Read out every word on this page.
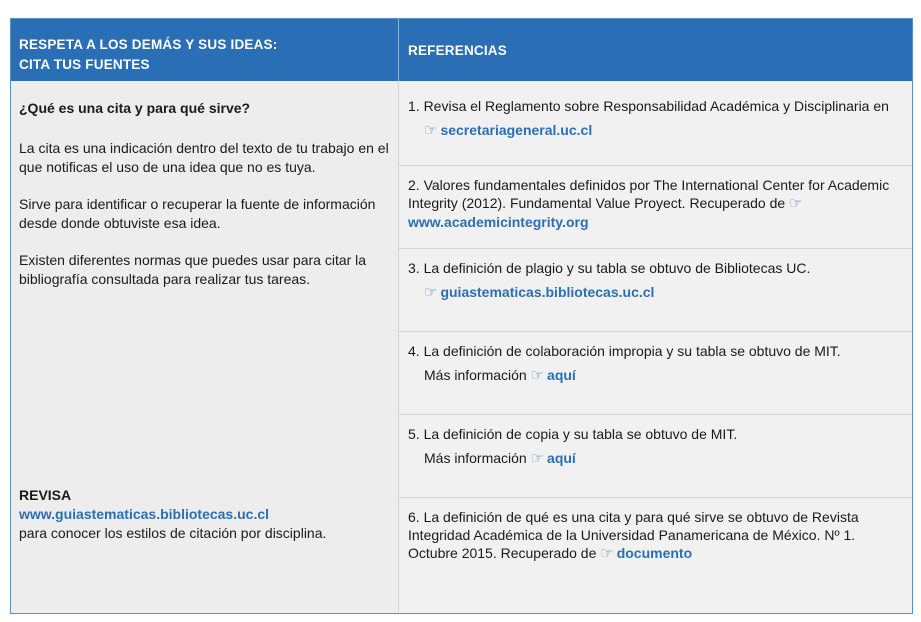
RESPETA A LOS DEMÁS Y SUS IDEAS:
CITA TUS FUENTES
REFERENCIAS
¿Qué es una cita y para qué sirve?

La cita es una indicación dentro del texto de tu trabajo en el que notificas el uso de una idea que no es tuya.

Sirve para identificar o recuperar la fuente de información desde donde obtuviste esa idea.

Existen diferentes normas que puedes usar para citar la bibliografía consultada para realizar tus tareas.

REVISA
www.guiastematicas.bibliotecas.uc.cl
para conocer los estilos de citación por disciplina.
1. Revisa el Reglamento sobre Responsabilidad Académica y Disciplinaria en
☞ secretariageneral.uc.cl
2. Valores fundamentales definidos por The International Center for Academic Integrity (2012). Fundamental Value Proyect. Recuperado de ☞www.academicintegrity.org
3. La definición de plagio y su tabla se obtuvo de Bibliotecas UC.
☞ guiastematicas.bibliotecas.uc.cl
4. La definición de colaboración impropia y su tabla se obtuvo de MIT.
Más información ☞ aquí
5. La definición de copia y su tabla se obtuvo de MIT.
Más información ☞ aquí
6. La definición de qué es una cita y para qué sirve se obtuvo de Revista Integridad Académica de la Universidad Panamericana de México. Nº 1. Octubre 2015. Recuperado de ☞ documento
